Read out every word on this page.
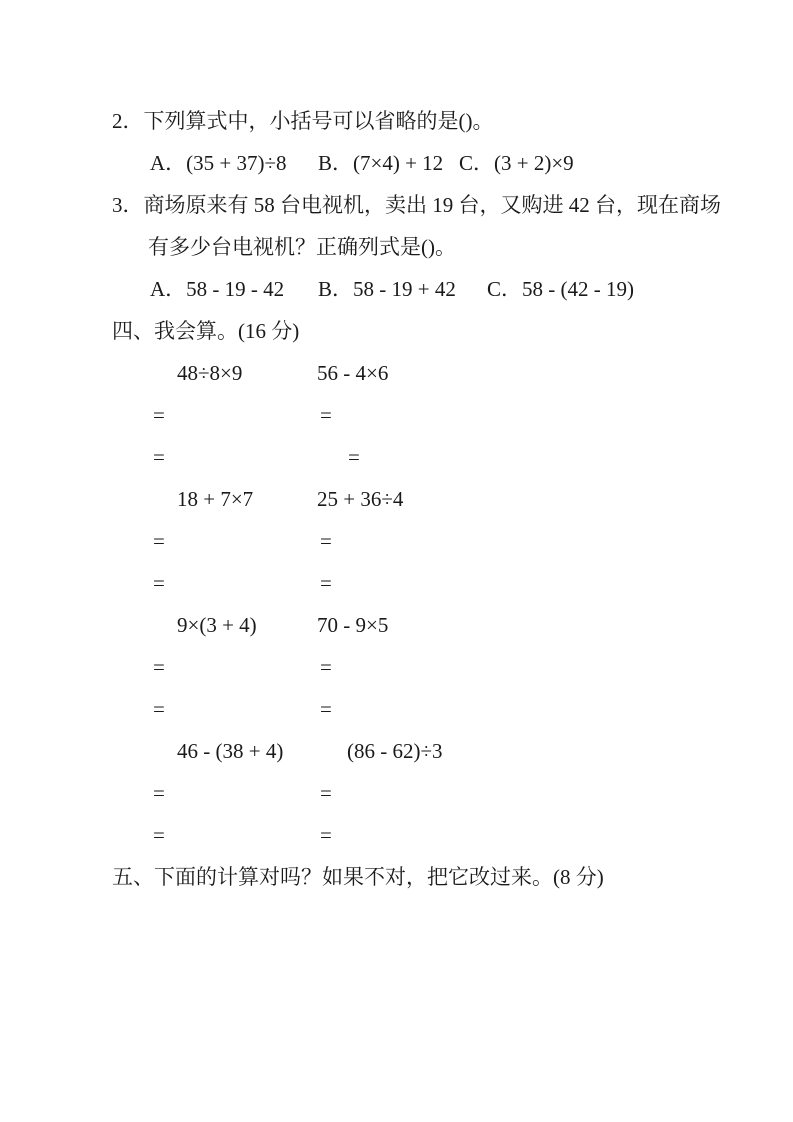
2．下列算式中，小括号可以省略的是()。
A．(35 + 37)÷8 B．(7×4) + 12 C．(3 + 2)×9
3．商场原来有 58 台电视机，卖出 19 台，又购进 42 台，现在商场
有多少台电视机？正确列式是()。
A．58 - 19 - 42 B．58 - 19 + 42 C．58 - (42 - 19)
四、我会算。(16 分)
48÷8×9	56 - 4×6
=	=
=	=
18 + 7×7	25 + 36÷4
=	=
=	=
9×(3 + 4)	70 - 9×5
=	=
=	=
46 - (38 + 4)	(86 - 62)÷3
=	=
=	=
五、下面的计算对吗？如果不对，把它改过来。(8 分)
